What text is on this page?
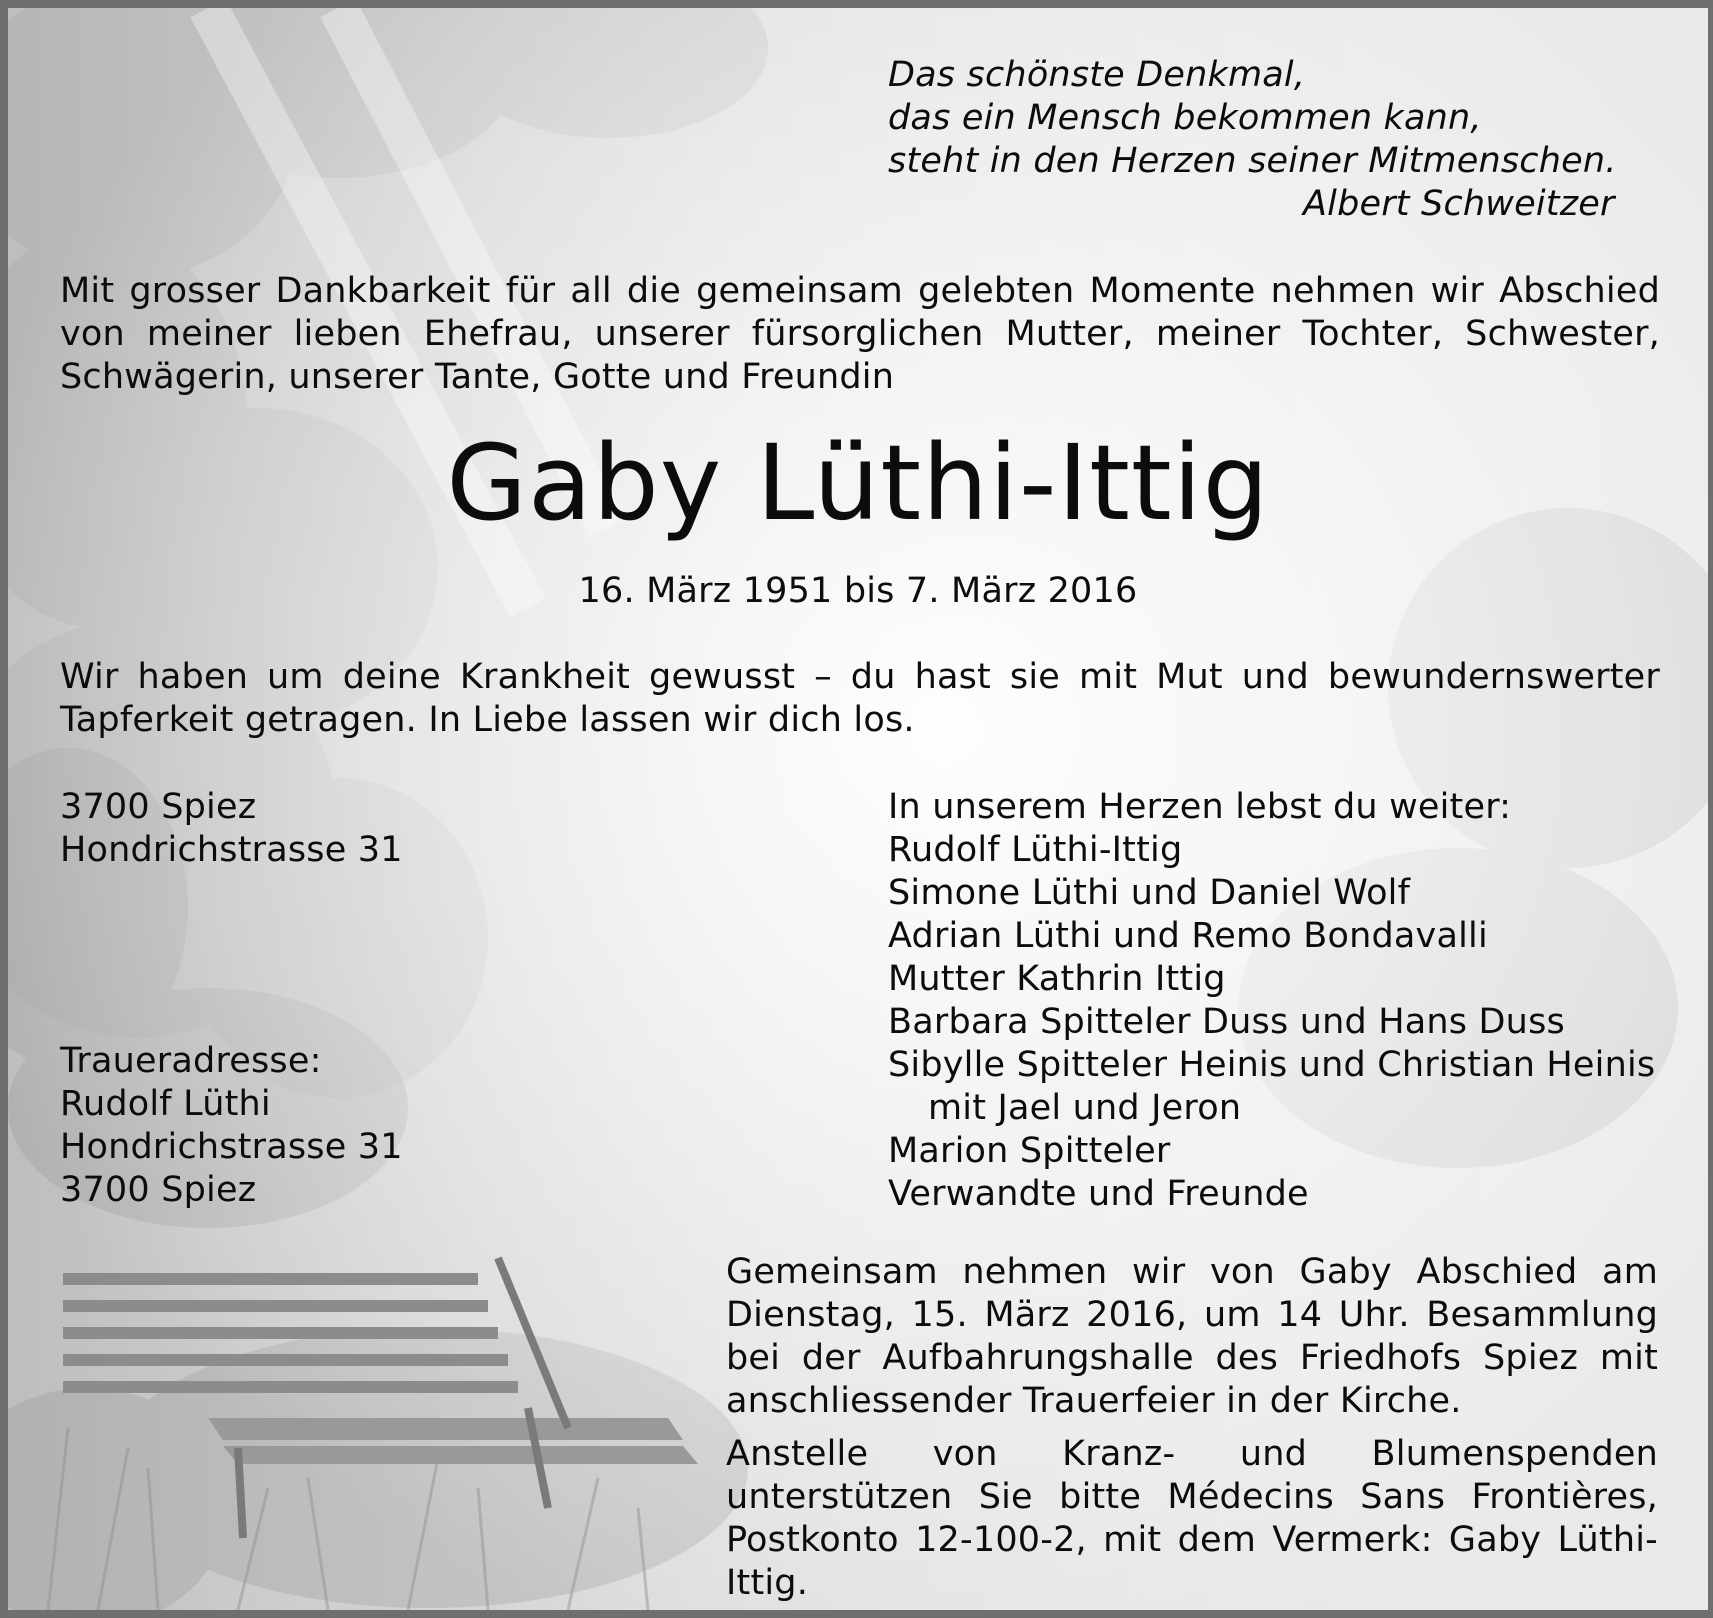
Das schönste Denkmal,
das ein Mensch bekommen kann,
steht in den Herzen seiner Mitmenschen.
Albert Schweitzer
Mit grosser Dankbarkeit für all die gemeinsam gelebten Momente nehmen wir Abschied von meiner lieben Ehefrau, unserer fürsorglichen Mutter, meiner Tochter, Schwester, Schwägerin, unserer Tante, Gotte und Freundin
Gaby Lüthi-Ittig
16. März 1951 bis 7. März 2016
Wir haben um deine Krankheit gewusst – du hast sie mit Mut und bewundernswerter Tapferkeit getragen. In Liebe lassen wir dich los.
3700 Spiez
Hondrichstrasse 31
Traueradresse:
Rudolf Lüthi
Hondrichstrasse 31
3700 Spiez
In unserem Herzen lebst du weiter:
Rudolf Lüthi-Ittig
Simone Lüthi und Daniel Wolf
Adrian Lüthi und Remo Bondavalli
Mutter Kathrin Ittig
Barbara Spitteler Duss und Hans Duss
Sibylle Spitteler Heinis und Christian Heinis
mit Jael und Jeron
Marion Spitteler
Verwandte und Freunde
Gemeinsam nehmen wir von Gaby Abschied am Dienstag, 15. März 2016, um 14 Uhr. Besammlung bei der Aufbahrungshalle des Friedhofs Spiez mit anschliessender Trauerfeier in der Kirche.
Anstelle von Kranz- und Blumenspenden unterstützen Sie bitte Médecins Sans Frontières, Postkonto 12-100-2, mit dem Vermerk: Gaby Lüthi-Ittig.
